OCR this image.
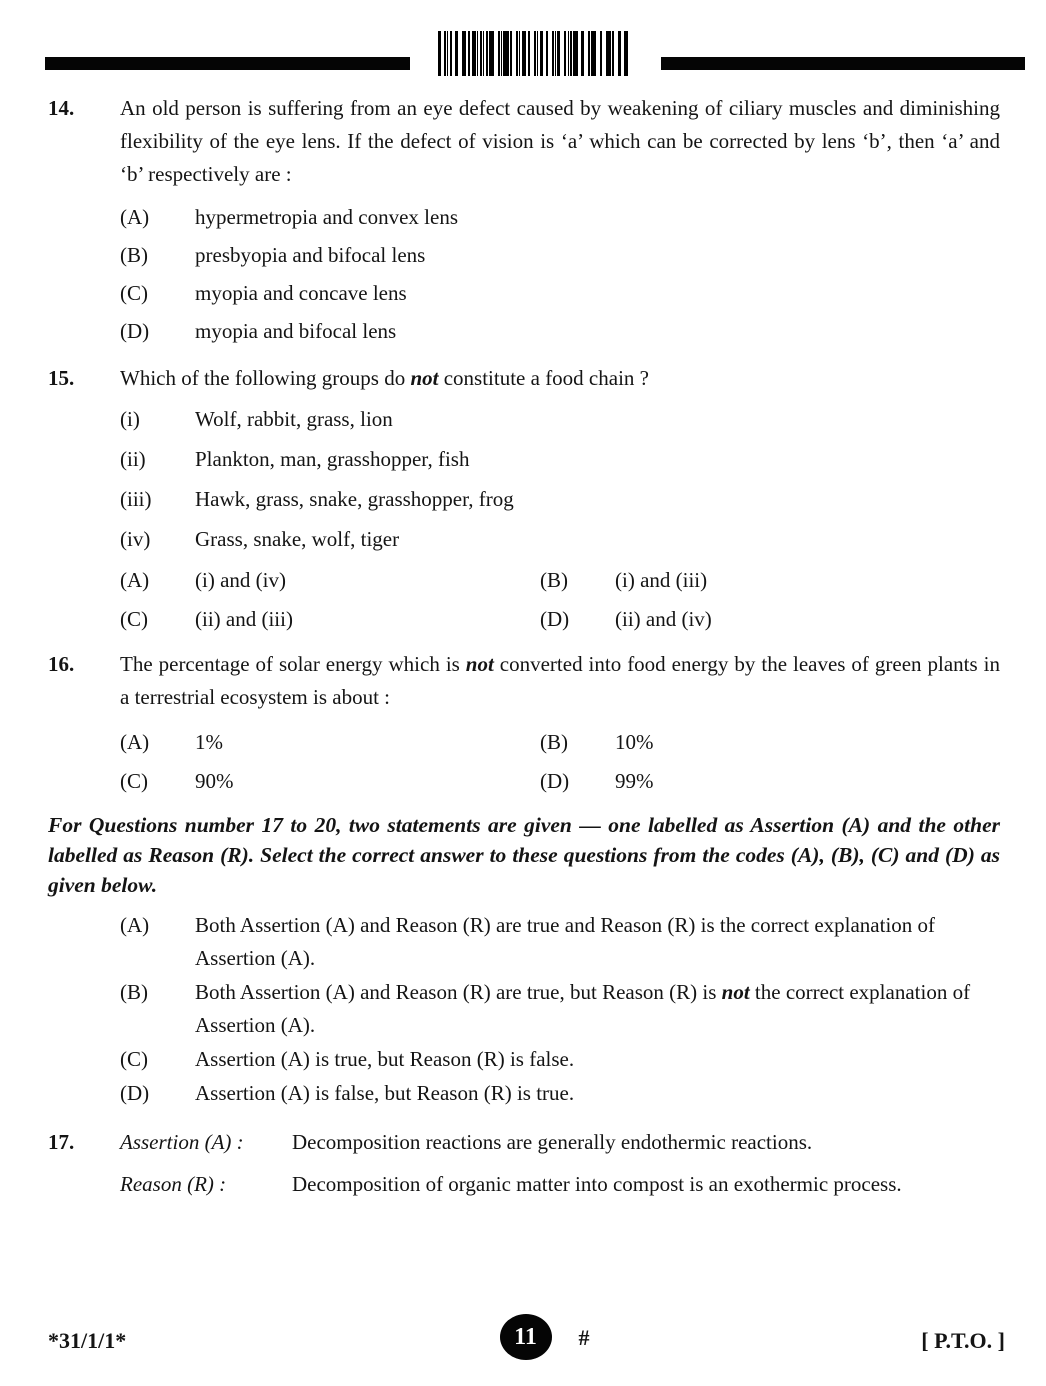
14.	An old person is suffering from an eye defect caused by weakening of ciliary muscles and diminishing flexibility of the eye lens. If the defect of vision is ‘a’ which can be corrected by lens ‘b’, then ‘a’ and ‘b’ respectively are :

(A)	hypermetropia and convex lens
(B)	presbyopia and bifocal lens
(C)	myopia and concave lens
(D)	myopia and bifocal lens
15.	Which of the following groups do not constitute a food chain ?

(i)	Wolf, rabbit, grass, lion
(ii)	Plankton, man, grasshopper, fish
(iii)	Hawk, grass, snake, grasshopper, frog
(iv)	Grass, snake, wolf, tiger
(A)	(i) and (iv)	(B)	(i) and (iii)
(C)	(ii) and (iii)	(D)	(ii) and (iv)
16.	The percentage of solar energy which is not converted into food energy by the leaves of green plants in a terrestrial ecosystem is about :

(A)	1%	(B)	10%
(C)	90%	(D)	99%

For Questions number 17 to 20, two statements are given — one labelled as Assertion (A) and the other labelled as Reason (R). Select the correct answer to these questions from the codes (A), (B), (C) and (D) as given below.

(A)	Both Assertion (A) and Reason (R) are true and Reason (R) is the correct explanation of Assertion (A).
(B)	Both Assertion (A) and Reason (R) are true, but Reason (R) is not the correct explanation of Assertion (A).
(C)	Assertion (A) is true, but Reason (R) is false.
(D)	Assertion (A) is false, but Reason (R) is true.
17.	Assertion (A) :	Decomposition reactions are generally endothermic reactions.
Reason (R) :	Decomposition of organic matter into compost is an exothermic process.
*31/1/1*	11	#	[ P.T.O. ]
